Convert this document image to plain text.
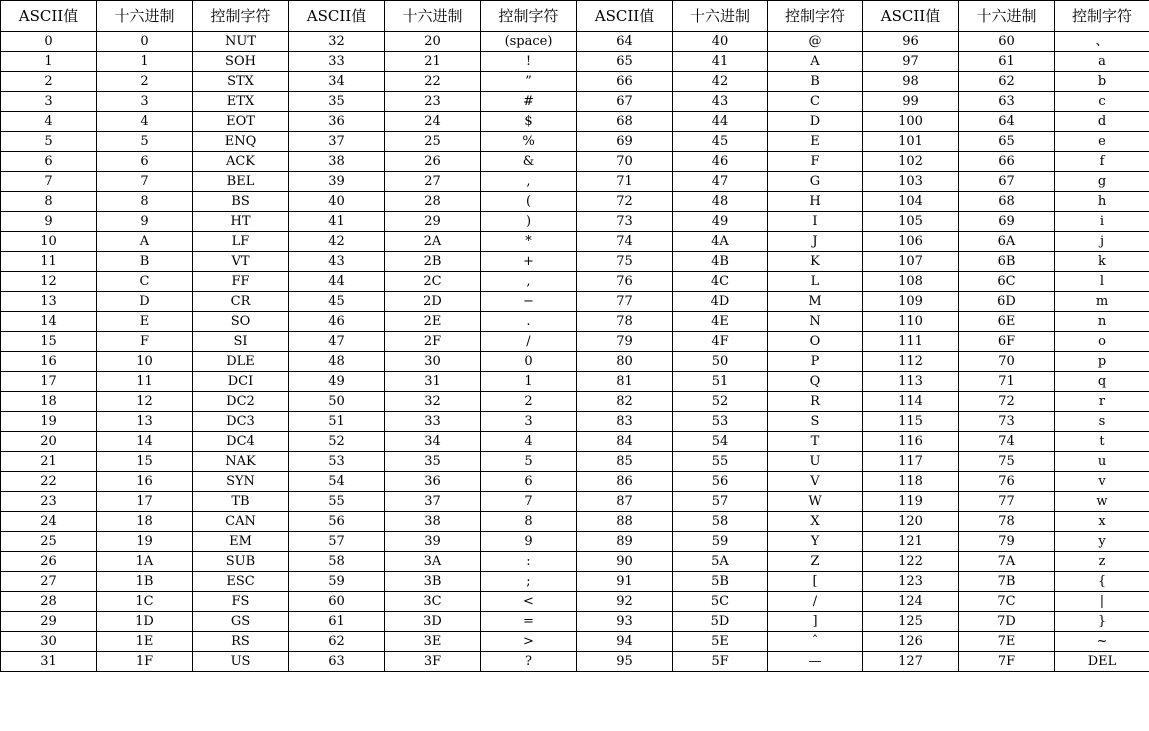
ASCII值	十六进制	控制字符	ASCII值	十六进制	控制字符	ASCII值	十六进制	控制字符	ASCII值	十六进制	控制字符
0	0	NUT	32	20	(space)	64	40	@	96	60	、
1	1	SOH	33	21	!	65	41	A	97	61	a
2	2	STX	34	22	”	66	42	B	98	62	b
3	3	ETX	35	23	#	67	43	C	99	63	c
4	4	EOT	36	24	$	68	44	D	100	64	d
5	5	ENQ	37	25	%	69	45	E	101	65	e
6	6	ACK	38	26	&	70	46	F	102	66	f
7	7	BEL	39	27	,	71	47	G	103	67	g
8	8	BS	40	28	(	72	48	H	104	68	h
9	9	HT	41	29	)	73	49	I	105	69	i
10	A	LF	42	2A	*	74	4A	J	106	6A	j
11	B	VT	43	2B	+	75	4B	K	107	6B	k
12	C	FF	44	2C	,	76	4C	L	108	6C	l
13	D	CR	45	2D	−	77	4D	M	109	6D	m
14	E	SO	46	2E	.	78	4E	N	110	6E	n
15	F	SI	47	2F	/	79	4F	O	111	6F	o
16	10	DLE	48	30	0	80	50	P	112	70	p
17	11	DCI	49	31	1	81	51	Q	113	71	q
18	12	DC2	50	32	2	82	52	R	114	72	r
19	13	DC3	51	33	3	83	53	S	115	73	s
20	14	DC4	52	34	4	84	54	T	116	74	t
21	15	NAK	53	35	5	85	55	U	117	75	u
22	16	SYN	54	36	6	86	56	V	118	76	v
23	17	TB	55	37	7	87	57	W	119	77	w
24	18	CAN	56	38	8	88	58	X	120	78	x
25	19	EM	57	39	9	89	59	Y	121	79	y
26	1A	SUB	58	3A	:	90	5A	Z	122	7A	z
27	1B	ESC	59	3B	;	91	5B	[	123	7B	{
28	1C	FS	60	3C	<	92	5C	/	124	7C	|
29	1D	GS	61	3D	=	93	5D	]	125	7D	}
30	1E	RS	62	3E	>	94	5E	ˆ	126	7E	~
31	1F	US	63	3F	?	95	5F	—	127	7F	DEL
